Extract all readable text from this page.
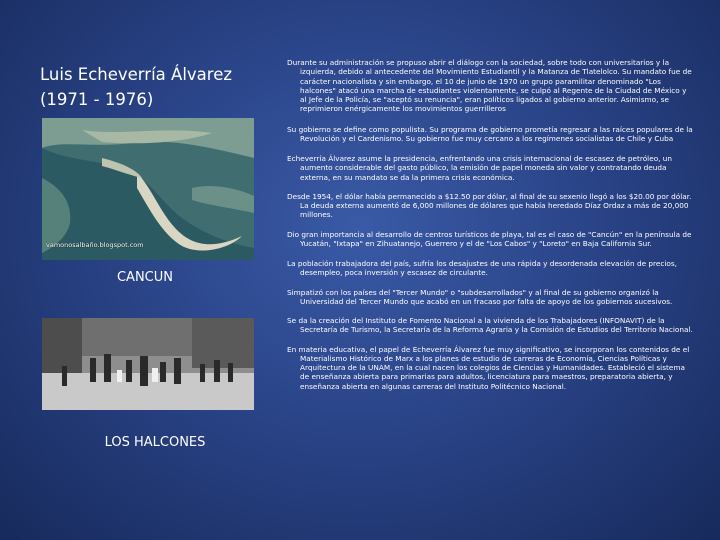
Luis Echeverría Álvarez
(1971 - 1976)
vamonosalbaño.blogspot.com
CANCUN
LOS HALCONES

Durante su administración se propuso abrir el diálogo con la sociedad, sobre todo con universitarios y la izquierda, debido al antecedente del Movimiento Estudiantil y la Matanza de Tlatelolco. Su mandato fue de carácter nacionalista y sin embargo, el 10 de junio de 1970 un grupo paramilitar denominado "Los halcones" atacó una marcha de estudiantes violentamente, se culpó al Regente de la Ciudad de México y al Jefe de la Policía, se "aceptó su renuncia", eran políticos ligados al gobierno anterior. Asimismo, se reprimieron enérgicamente los movimientos guerrilleros

Su gobierno se define como populista. Su programa de gobierno prometía regresar a las raíces populares de la Revolución y el Cardenismo. Su gobierno fue muy cercano a los regímenes socialistas de Chile y Cuba

Echeverría Álvarez asume la presidencia, enfrentando una crisis internacional de escasez de petróleo, un aumento considerable del gasto público, la emisión de papel moneda sin valor y contratando deuda externa, en su mandato se da la primera crisis económica.

Desde 1954, el dólar había permanecido a $12.50 por dólar, al final de su sexenio llegó a los $20.00 por dólar. La deuda externa aumentó de 6,000 millones de dólares que había heredado Díaz Ordaz a más de 20,000 millones.

Dio gran importancia al desarrollo de centros turísticos de playa, tal es el caso de "Cancún" en la península de Yucatán, "Ixtapa" en Zihuatanejo, Guerrero y el de "Los Cabos" y "Loreto" en Baja California Sur.

La población trabajadora del país, sufría los desajustes de una rápida y desordenada elevación de precios, desempleo, poca inversión y escasez de circulante.

Simpatizó con los países del "Tercer Mundo" o "subdesarrollados" y al final de su gobierno organizó la Universidad del Tercer Mundo que acabó en un fracaso por falta de apoyo de los gobiernos sucesivos.

Se da la creación del Instituto de Fomento Nacional a la vivienda de los Trabajadores (INFONAVIT) de la Secretaría de Turismo, la Secretaría de la Reforma Agraria y la Comisión de Estudios del Territorio Nacional.

En materia educativa, el papel de Echeverría Álvarez fue muy significativo, se incorporan los contenidos de el Materialismo Histórico de Marx a los planes de estudio de carreras de Economía, Ciencias Políticas y Arquitectura de la UNAM, en la cual nacen los colegios de Ciencias y Humanidades. Estableció el sistema de enseñanza abierta para primarias para adultos, licenciatura para maestros, preparatoria abierta, y enseñanza abierta en algunas carreras del Instituto Politécnico Nacional.
